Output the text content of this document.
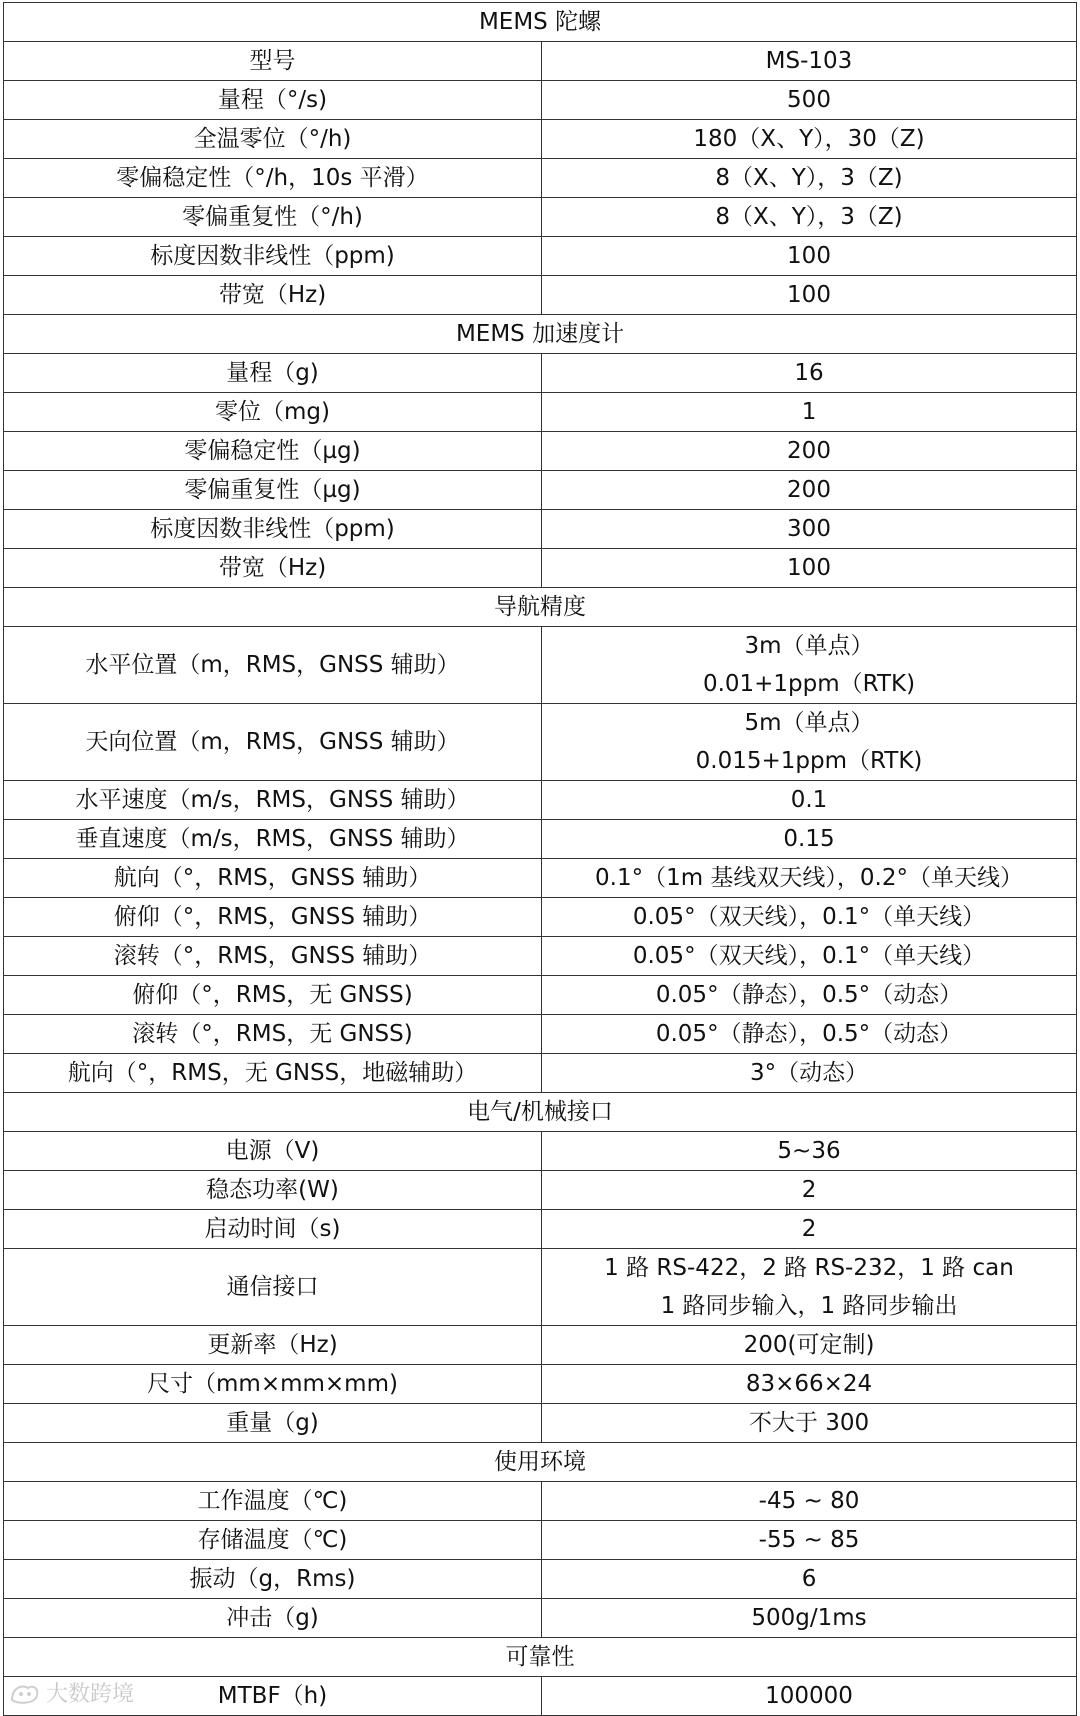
MEMS 陀螺	
型号	MS-103

量程（°/s)	500

全温零位（°/h)	180（X、Y），30（Z)

零偏稳定性（°/h，10s 平滑）	8（X、Y），3（Z)

零偏重复性（°/h)	8（X、Y），3（Z)

标度因数非线性（ppm)	100

带宽（Hz)	100

MEMS 加速度计	
量程（g)	16

零位（mg)	1

零偏稳定性（µg)	200

零偏重复性（µg)	200

标度因数非线性（ppm)	300

带宽（Hz)	100

导航精度	
水平位置（m，RMS，GNSS 辅助）	3m（单点）
0.01+1ppm（RTK)

天向位置（m，RMS，GNSS 辅助）	5m（单点）
0.015+1ppm（RTK)

水平速度（m/s，RMS，GNSS 辅助）	0.1

垂直速度（m/s，RMS，GNSS 辅助）	0.15

航向（°，RMS，GNSS 辅助）	0.1°（1m 基线双天线），0.2°（单天线）

俯仰（°，RMS，GNSS 辅助）	0.05°（双天线），0.1°（单天线）

滚转（°，RMS，GNSS 辅助）	0.05°（双天线），0.1°（单天线）

俯仰（°，RMS，无 GNSS)	0.05°（静态），0.5°（动态）

滚转（°，RMS，无 GNSS)	0.05°（静态），0.5°（动态）

航向（°，RMS，无 GNSS，地磁辅助）	3°（动态）

电气/机械接口	
电源（V)	5~36

稳态功率(W)	2

启动时间（s)	2

通信接口	1 路 RS-422，2 路 RS-232，1 路 can
1 路同步输入，1 路同步输出

更新率（Hz)	200(可定制)

尺寸（mm×mm×mm)	83×66×24

重量（g)	不大于 300

使用环境	
工作温度（℃)	-45 ~ 80

存储温度（℃)	-55 ~ 85

振动（g，Rms)	6

冲击（g)	500g/1ms

可靠性	
MTBF（h)	100000
大数跨境
